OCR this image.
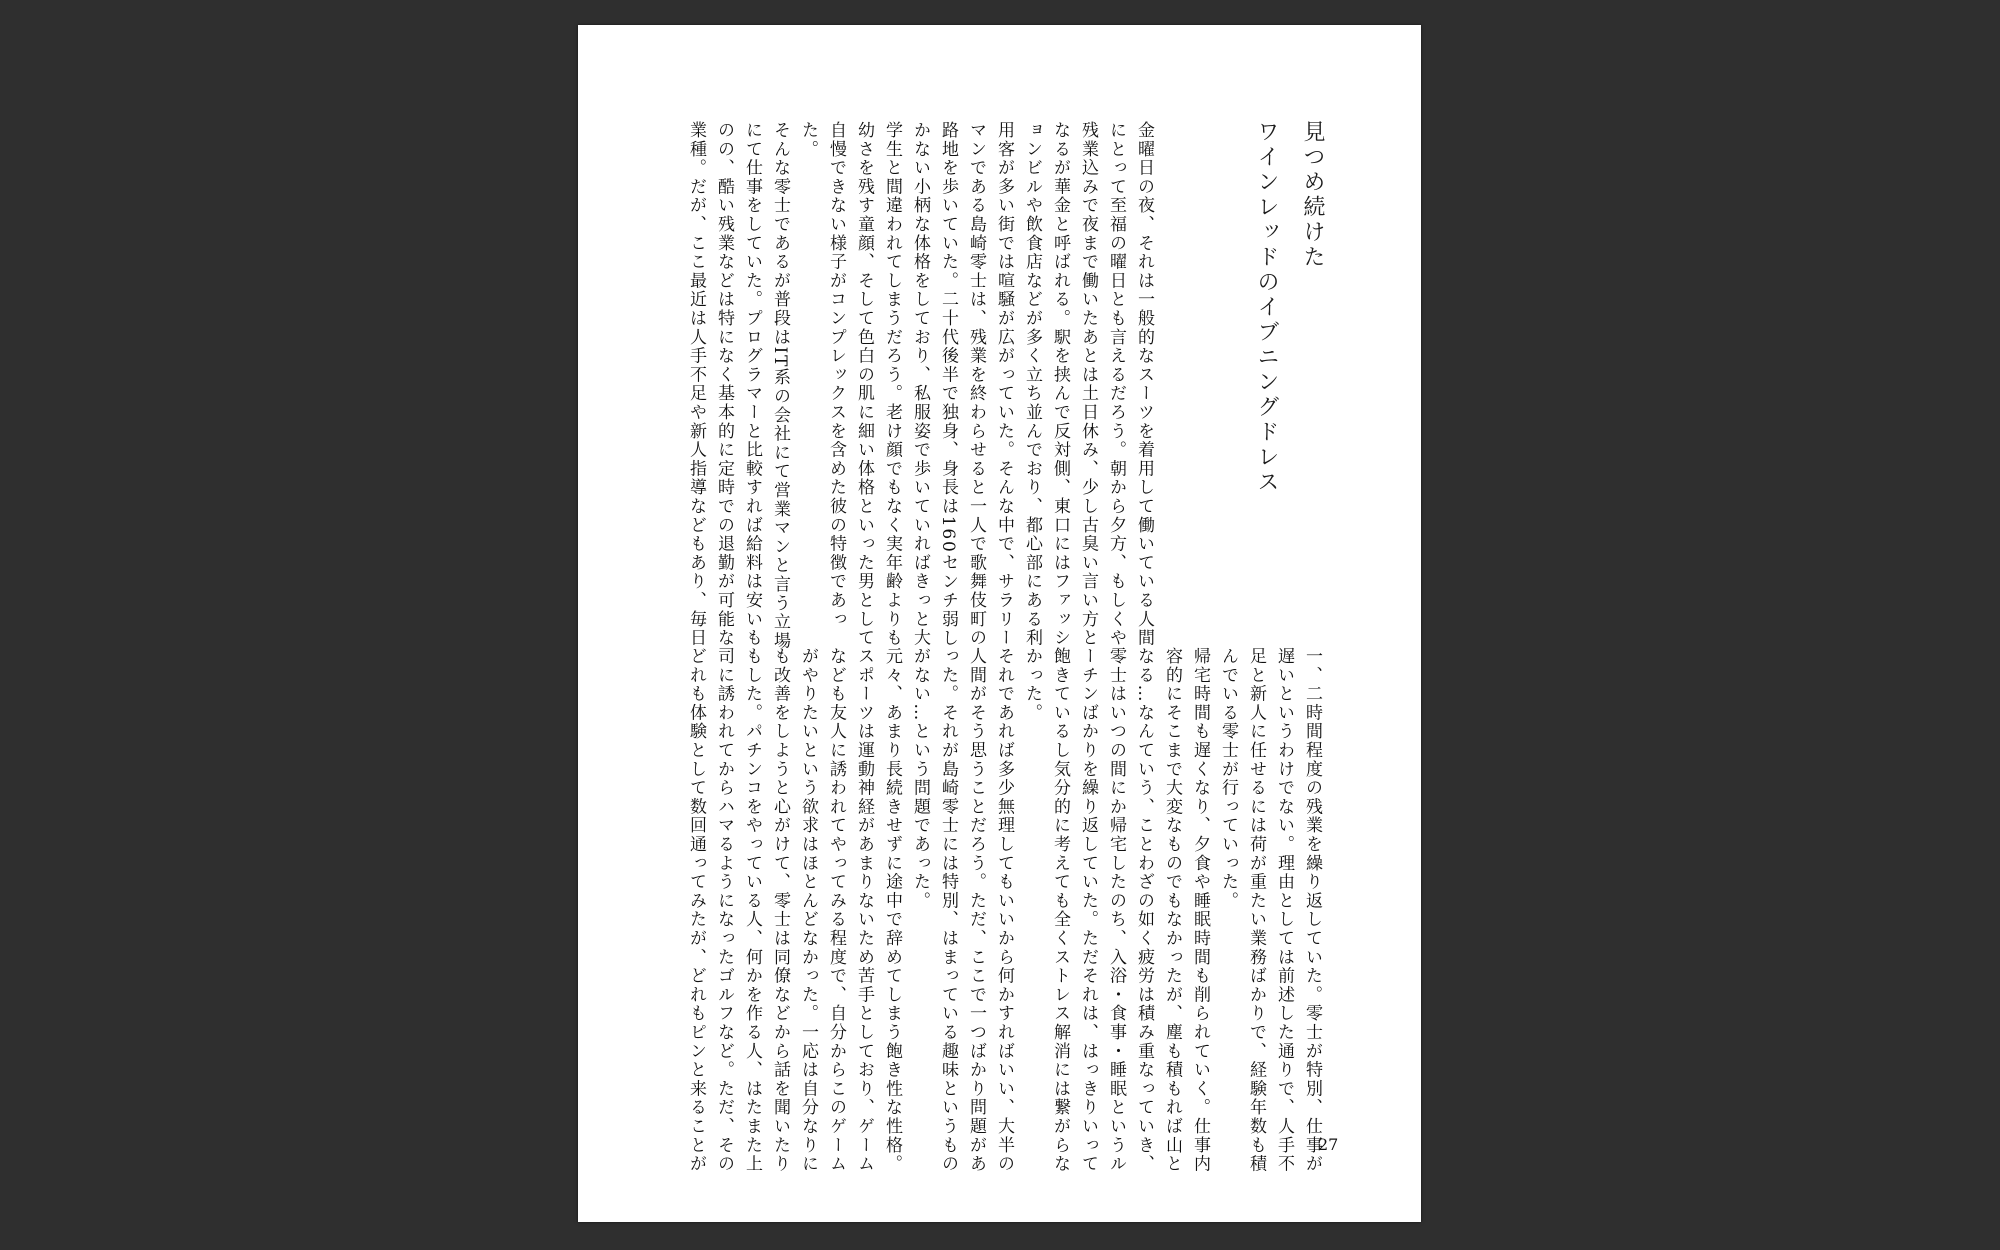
見つめ続けた
ワインレッドのイブニングドレス
金曜日の夜、それは一般的なスーツを着用して働いている人間
にとって至福の曜日とも言えるだろう。朝から夕方、もしくや
残業込みで夜まで働いたあとは土日休み、少し古臭い言い方と
なるが華金と呼ばれる。駅を挟んで反対側、東口にはファッシ
ョンビルや飲食店などが多く立ち並んでおり、都心部にある利
用客が多い街では喧騒が広がっていた。そんな中で、サラリー
マンである島崎零士は、残業を終わらせると一人で歌舞伎町の
路地を歩いていた。二十代後半で独身、身長は160センチ弱し
かない小柄な体格をしており、私服姿で歩いていればきっと大
学生と間違われてしまうだろう。老け顔でもなく実年齢よりも
幼さを残す童顔、そして色白の肌に細い体格といった男として
自慢できない様子がコンプレックスを含めた彼の特徴であっ
た。
そんな零士であるが普段はIT系の会社にて営業マンと言う立場
にて仕事をしていた。プログラマーと比較すれば給料は安いも
のの、酷い残業などは特になく基本的に定時での退勤が可能な
業種。だが、ここ最近は人手不足や新人指導などもあり、毎日
一、二時間程度の残業を繰り返していた。零士が特別、仕事が
遅いというわけでない。理由としては前述した通りで、人手不
足と新人に任せるには荷が重たい業務ばかりで、経験年数も積
んでいる零士が行っていった。
帰宅時間も遅くなり、夕食や睡眠時間も削られていく。仕事内
容的にそこまで大変なものでもなかったが、塵も積もれば山と
なる…なんていう、ことわざの如く疲労は積み重なっていき、
零士はいつの間にか帰宅したのち、入浴・食事・睡眠というル
ーチンばかりを繰り返していた。ただそれは、はっきりいって
飽きているし気分的に考えても全くストレス解消には繋がらな
かった。
それであれば多少無理してもいいから何かすればいい、大半の
人間がそう思うことだろう。ただ、ここで一つばかり問題があ
った。それが島崎零士には特別、はまっている趣味というもの
がない…という問題であった。
元々、あまり長続きせずに途中で辞めてしまう飽き性な性格。
スポーツは運動神経があまりないため苦手としており、ゲーム
なども友人に誘われてやってみる程度で、自分からこのゲーム
がやりたいという欲求はほとんどなかった。一応は自分なりに
も改善をしようと心がけて、零士は同僚などから話を聞いたり
もした。パチンコをやっている人、何かを作る人、はたまた上
司に誘われてからハマるようになったゴルフなど。ただ、その
どれも体験として数回通ってみたが、どれもピンと来ることが	27
